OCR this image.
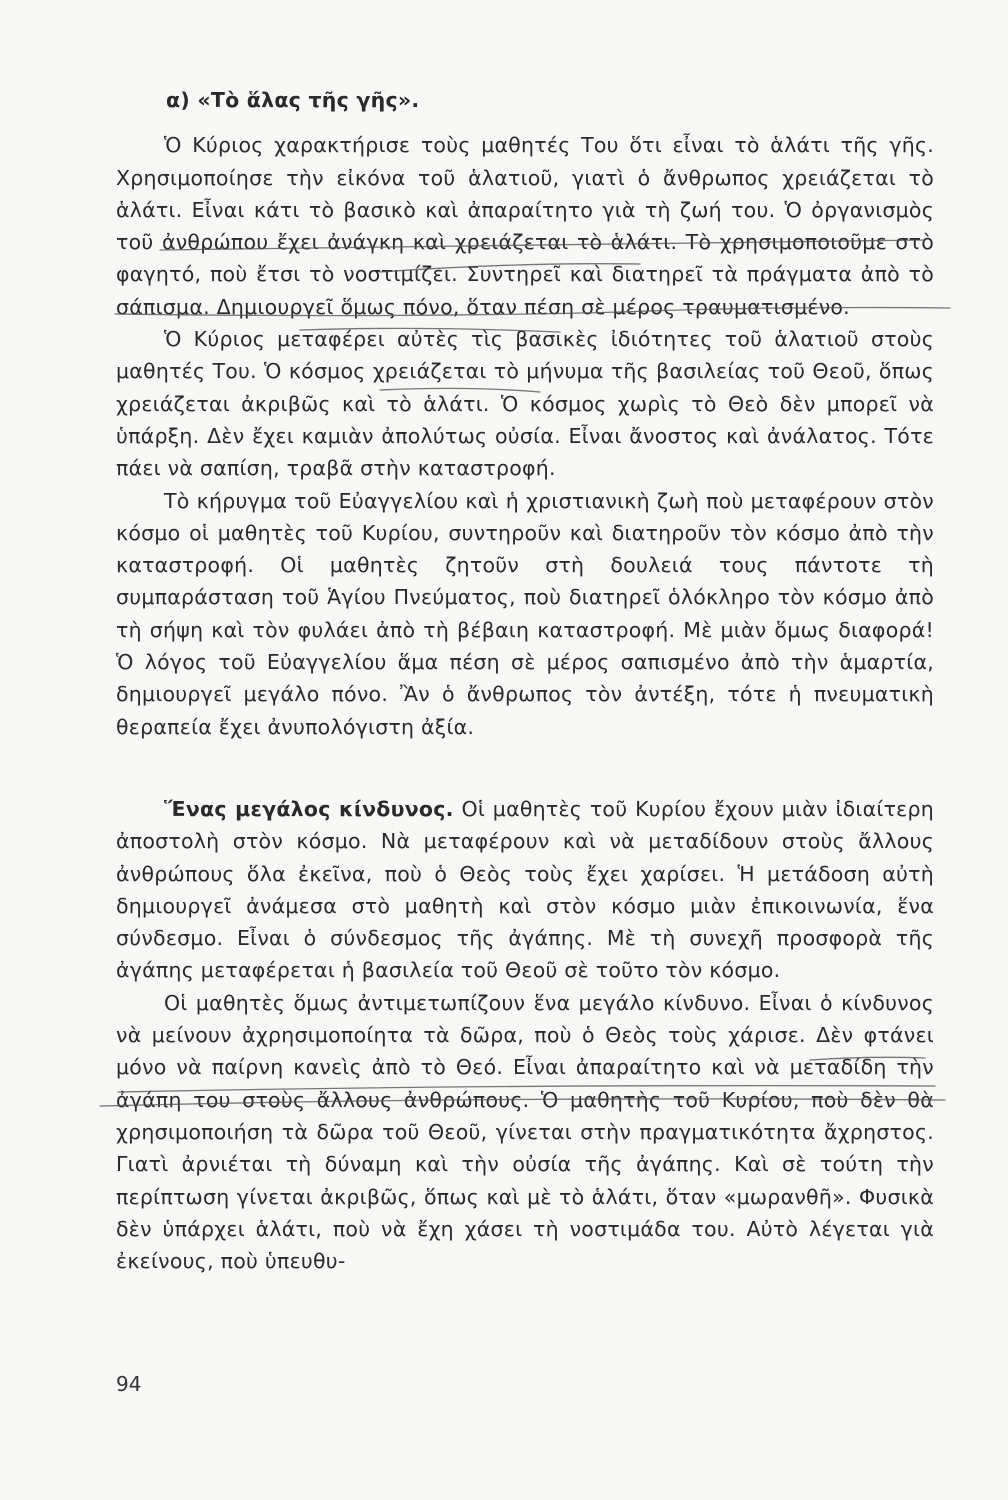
α) «Τὸ ἅλας τῆς γῆς».

Ὁ Κύριος χαρακτήρισε τοὺς μαθητές Του ὅτι εἶναι τὸ ἁλάτι τῆς γῆς. Χρησιμοποίησε τὴν εἰκόνα τοῦ ἁλατιοῦ, γιατὶ ὁ ἄνθρωπος χρειάζεται τὸ ἁλάτι. Εἶναι κάτι τὸ βασικὸ καὶ ἀπαραίτητο γιὰ τὴ ζωή του. Ὁ ὀργανισμὸς τοῦ ἀνθρώπου ἔχει ἀνάγκη καὶ χρειάζεται τὸ ἁλάτι. Τὸ χρησιμοποιοῦμε στὸ φαγητό, ποὺ ἔτσι τὸ νοστιμίζει. Συντηρεῖ καὶ διατηρεῖ τὰ πράγματα ἀπὸ τὸ σάπισμα. Δημιουργεῖ ὅμως πόνο, ὅταν πέση σὲ μέρος τραυματισμένο.

Ὁ Κύριος μεταφέρει αὐτὲς τὶς βασικὲς ἰδιότητες τοῦ ἁλατιοῦ στοὺς μαθητές Του. Ὁ κόσμος χρειάζεται τὸ μήνυμα τῆς βασιλείας τοῦ Θεοῦ, ὅπως χρειάζεται ἀκριβῶς καὶ τὸ ἁλάτι. Ὁ κόσμος χωρὶς τὸ Θεὸ δὲν μπορεῖ νὰ ὑπάρξη. Δὲν ἔχει καμιὰν ἀπολύτως οὐσία. Εἶναι ἄνοστος καὶ ἀνάλατος. Τότε πάει νὰ σαπίση, τραβᾶ στὴν καταστροφή.

Τὸ κήρυγμα τοῦ Εὐαγγελίου καὶ ἡ χριστιανικὴ ζωὴ ποὺ μεταφέρουν στὸν κόσμο οἱ μαθητὲς τοῦ Κυρίου, συντηροῦν καὶ διατηροῦν τὸν κόσμο ἀπὸ τὴν καταστροφή. Οἱ μαθητὲς ζητοῦν στὴ δουλειά τους πάντοτε τὴ συμπαράσταση τοῦ Ἁγίου Πνεύματος, ποὺ διατηρεῖ ὁλόκληρο τὸν κόσμο ἀπὸ τὴ σήψη καὶ τὸν φυλάει ἀπὸ τὴ βέβαιη καταστροφή. Μὲ μιὰν ὅμως διαφορά! Ὁ λόγος τοῦ Εὐαγγελίου ἅμα πέση σὲ μέρος σαπισμένο ἀπὸ τὴν ἁμαρτία, δημιουργεῖ μεγάλο πόνο. Ἂν ὁ ἄνθρωπος τὸν ἀντέξη, τότε ἡ πνευματικὴ θεραπεία ἔχει ἀνυπολόγιστη ἀξία.

Ἕνας μεγάλος κίνδυνος. Οἱ μαθητὲς τοῦ Κυρίου ἔχουν μιὰν ἰδιαίτερη ἀποστολὴ στὸν κόσμο. Νὰ μεταφέρουν καὶ νὰ μεταδίδουν στοὺς ἄλλους ἀνθρώπους ὅλα ἐκεῖνα, ποὺ ὁ Θεὸς τοὺς ἔχει χαρίσει. Ἡ μετάδοση αὐτὴ δημιουργεῖ ἀνάμεσα στὸ μαθητὴ καὶ στὸν κόσμο μιὰν ἐπικοινωνία, ἕνα σύνδεσμο. Εἶναι ὁ σύνδεσμος τῆς ἀγάπης. Μὲ τὴ συνεχῆ προσφορὰ τῆς ἀγάπης μεταφέρεται ἡ βασιλεία τοῦ Θεοῦ σὲ τοῦτο τὸν κόσμο.

Οἱ μαθητὲς ὅμως ἀντιμετωπίζουν ἕνα μεγάλο κίνδυνο. Εἶναι ὁ κίνδυνος νὰ μείνουν ἀχρησιμοποίητα τὰ δῶρα, ποὺ ὁ Θεὸς τοὺς χάρισε. Δὲν φτάνει μόνο νὰ παίρνη κανεὶς ἀπὸ τὸ Θεό. Εἶναι ἀπαραίτητο καὶ νὰ μεταδίδη τὴν ἀγάπη του στοὺς ἄλλους ἀνθρώπους. Ὁ μαθητὴς τοῦ Κυρίου, ποὺ δὲν θὰ χρησιμοποιήση τὰ δῶρα τοῦ Θεοῦ, γίνεται στὴν πραγματικότητα ἄχρηστος. Γιατὶ ἀρνιέται τὴ δύναμη καὶ τὴν οὐσία τῆς ἀγάπης. Καὶ σὲ τούτη τὴν περίπτωση γίνεται ἀκριβῶς, ὅπως καὶ μὲ τὸ ἁλάτι, ὅταν «μωρανθῆ». Φυσικὰ δὲν ὑπάρχει ἁλάτι, ποὺ νὰ ἔχη χάσει τὴ νοστιμάδα του. Αὐτὸ λέγεται γιὰ ἐκείνους, ποὺ ὑπευθυ-

94
